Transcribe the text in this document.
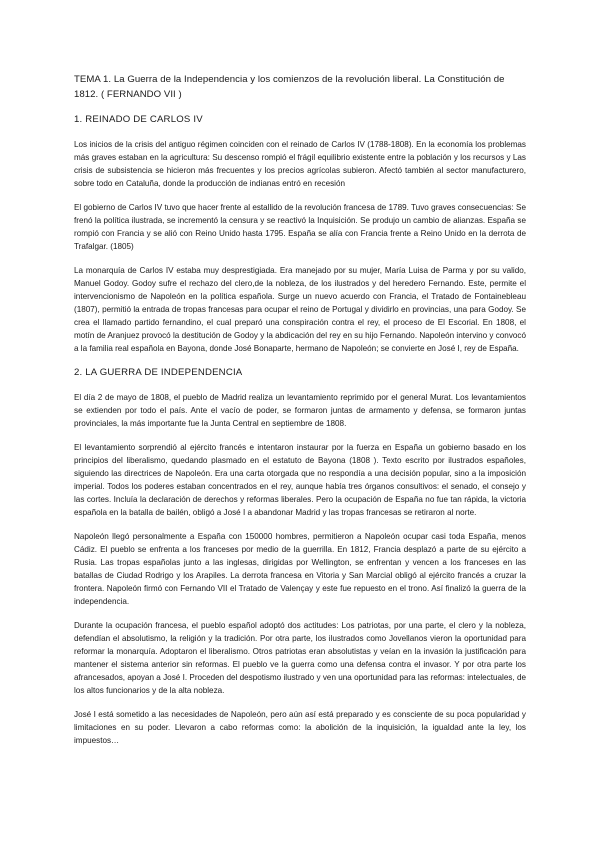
TEMA 1. La Guerra de la Independencia y los comienzos de la revolución liberal. La Constitución de 1812. ( FERNANDO VII )
1. REINADO DE CARLOS IV

Los inicios de la crisis del antiguo régimen coinciden con el reinado de Carlos IV (1788-1808). En la economía los problemas más graves estaban en la agricultura: Su descenso rompió el frágil equilibrio existente entre la población y los recursos y Las crisis de subsistencia se hicieron más frecuentes y los precios agrícolas subieron. Afectó también al sector manufacturero, sobre todo en Cataluña, donde la producción de indianas entró en recesión

El gobierno de Carlos IV tuvo que hacer frente al estallido de la revolución francesa de 1789. Tuvo graves consecuencias: Se frenó la política ilustrada, se incrementó la censura y se reactivó la Inquisición. Se produjo un cambio de alianzas. España se rompió con Francia y se alió con Reino Unido hasta 1795. España se alía con Francia frente a Reino Unido en la derrota de Trafalgar. (1805)

La monarquía de Carlos IV estaba muy desprestigiada. Era manejado por su mujer, María Luisa de Parma y por su valido, Manuel Godoy. Godoy sufre el rechazo del clero,de la nobleza, de los ilustrados y del heredero Fernando. Este, permite el intervencionismo de Napoleón en la política española. Surge un nuevo acuerdo con Francia, el Tratado de Fontainebleau (1807), permitió la entrada de tropas francesas para ocupar el reino de Portugal y dividirlo en provincias, una para Godoy. Se crea el llamado partido fernandino, el cual preparó una conspiración contra el rey, el proceso de El Escorial. En 1808, el motín de Aranjuez provocó la destitución de Godoy y la abdicación del rey en su hijo Fernando. Napoleón intervino y convocó a la familia real española en Bayona, donde José Bonaparte, hermano de Napoleón; se convierte en José I, rey de España.

2. LA GUERRA DE INDEPENDENCIA

El día 2 de mayo de 1808, el pueblo de Madrid realiza un levantamiento reprimido por el general Murat. Los levantamientos se extienden por todo el país. Ante el vacío de poder, se formaron juntas de armamento y defensa, se formaron juntas provinciales, la más importante fue la Junta Central en septiembre de 1808.

El levantamiento sorprendió al ejército francés e intentaron instaurar por la fuerza en España un gobierno basado en los principios del liberalismo, quedando plasmado en el estatuto de Bayona (1808 ). Texto escrito por ilustrados españoles, siguiendo las directrices de Napoleón. Era una carta otorgada que no respondía a una decisión popular, sino a la imposición imperial. Todos los poderes estaban concentrados en el rey, aunque había tres órganos consultivos: el senado, el consejo y las cortes. Incluía la declaración de derechos y reformas liberales. Pero la ocupación de España no fue tan rápida, la victoria española en la batalla de bailén, obligó a José I a abandonar Madrid y las tropas francesas se retiraron al norte.

Napoleón llegó personalmente a España con 150000 hombres, permitieron a Napoleón ocupar casi toda España, menos Cádiz. El pueblo se enfrenta a los franceses por medio de la guerrilla. En 1812, Francia desplazó a parte de su ejército a Rusia. Las tropas españolas junto a las inglesas, dirigidas por Wellington, se enfrentan y vencen a los franceses en las batallas de Ciudad Rodrigo y los Arapiles. La derrota francesa en Vitoria y San Marcial obligó al ejército francés a cruzar la frontera. Napoleón firmó con Fernando VII el Tratado de Valençay y este fue repuesto en el trono. Así finalizó la guerra de la independencia.

Durante la ocupación francesa, el pueblo español adoptó dos actitudes: Los patriotas, por una parte, el clero y la nobleza, defendían el absolutismo, la religión y la tradición. Por otra parte, los ilustrados como Jovellanos vieron la oportunidad para reformar la monarquía. Adoptaron el liberalismo. Otros patriotas eran absolutistas y veían en la invasión la justificación para mantener el sistema anterior sin reformas. El pueblo ve la guerra como una defensa contra el invasor. Y por otra parte los afrancesados, apoyan a José I. Proceden del despotismo ilustrado y ven una oportunidad para las reformas: intelectuales, de los altos funcionarios y de la alta nobleza.

José I está sometido a las necesidades de Napoleón, pero aún así está preparado y es consciente de su poca popularidad y limitaciones en su poder. Llevaron a cabo reformas como: la abolición de la inquisición, la igualdad ante la ley, los impuestos…
